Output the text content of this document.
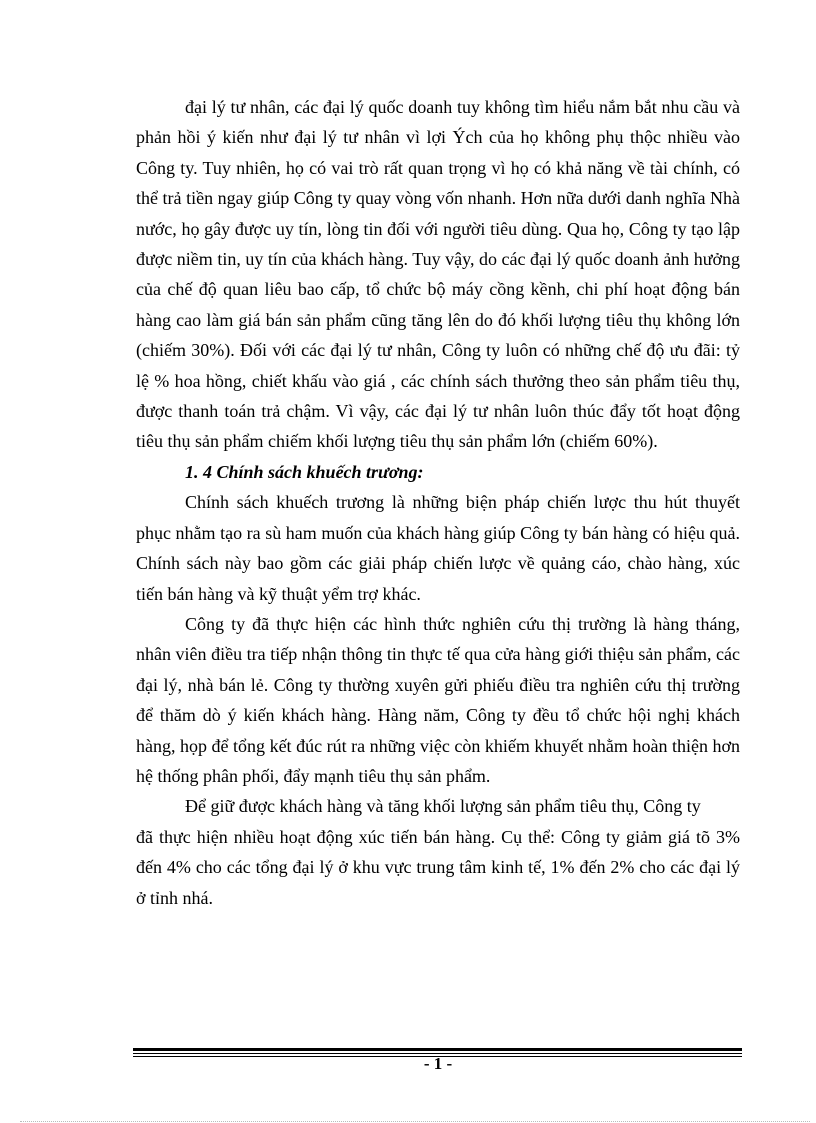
đại lý tư nhân, các đại lý quốc doanh tuy không tìm hiểu nắm bắt nhu cầu và phản hồi ý kiến như đại lý tư nhân vì lợi Ých của họ không phụ thộc nhiều vào Công ty. Tuy nhiên, họ có vai trò rất quan trọng vì họ có khả năng về tài chính, có thể trả tiền ngay giúp Công ty quay vòng vốn nhanh. Hơn nữa dưới danh nghĩa Nhà nước, họ gây được uy tín, lòng tin đối với người tiêu dùng. Qua họ, Công ty tạo lập được niềm tin, uy tín của khách hàng. Tuy vậy, do các đại lý quốc doanh ảnh hưởng của chế độ quan liêu bao cấp, tổ chức bộ máy cồng kềnh, chi phí hoạt động bán hàng cao làm giá bán sản phẩm cũng tăng lên do đó khối lượng tiêu thụ không lớn (chiếm 30%). Đối với các đại lý tư nhân, Công ty luôn có những chế độ ưu đãi: tỷ lệ % hoa hồng, chiết khấu vào giá , các chính sách thưởng theo sản phẩm tiêu thụ, được thanh toán trả chậm. Vì vậy, các đại lý tư nhân luôn thúc đẩy tốt hoạt động tiêu thụ sản phẩm chiếm khối lượng tiêu thụ sản phẩm lớn (chiếm 60%).

1. 4 Chính sách khuếch trương:

Chính sách khuếch trương là những biện pháp chiến lược thu hút thuyết phục nhằm tạo ra sù ham muốn của khách hàng giúp Công ty bán hàng có hiệu quả. Chính sách này bao gồm các giải pháp chiến lược về quảng cáo, chào hàng, xúc tiến bán hàng và kỹ thuật yểm trợ khác.

Công ty đã thực hiện các hình thức nghiên cứu thị trường là hàng tháng, nhân viên điều tra tiếp nhận thông tin thực tế qua cửa hàng giới thiệu sản phẩm, các đại lý, nhà bán lẻ. Công ty thường xuyên gửi phiếu điều tra nghiên cứu thị trường để thăm dò ý kiến khách hàng. Hàng năm, Công ty đều tổ chức hội nghị khách hàng, họp để tổng kết đúc rút ra những việc còn khiếm khuyết nhằm hoàn thiện hơn hệ thống phân phối, đẩy mạnh tiêu thụ sản phẩm.

Để giữ được khách hàng và tăng khối lượng sản phẩm tiêu thụ, Công ty

đã thực hiện nhiều hoạt động xúc tiến bán hàng. Cụ thể: Công ty giảm giá tõ 3% đến 4% cho các tổng đại lý ở khu vực trung tâm kinh tế, 1% đến 2% cho các đại lý ở tỉnh nhá.

- 1 -
